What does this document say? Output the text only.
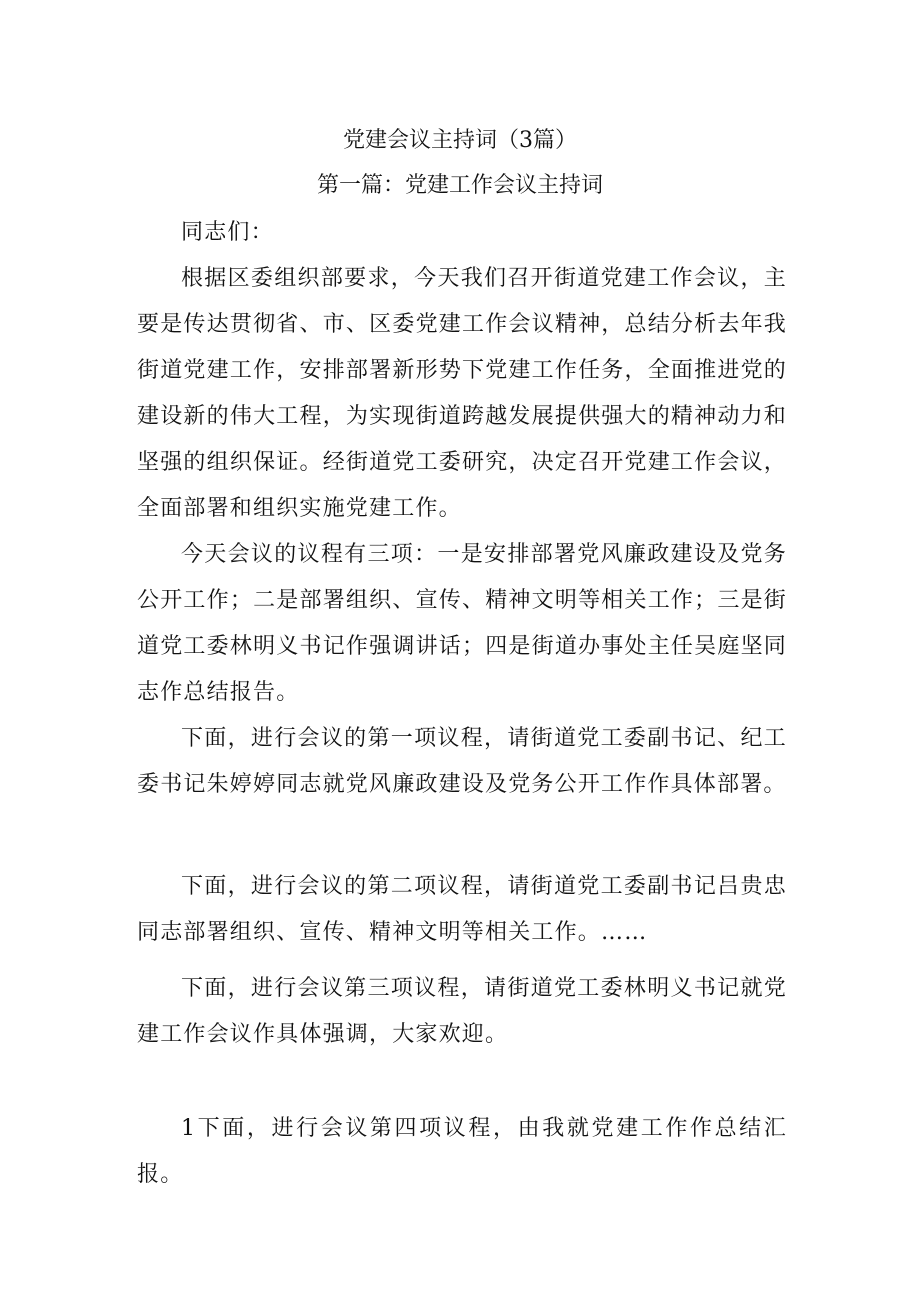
党建会议主持词（3篇）
第一篇：党建工作会议主持词

同志们：

根据区委组织部要求，今天我们召开街道党建工作会议，主要是传达贯彻省、市、区委党建工作会议精神，总结分析去年我街道党建工作，安排部署新形势下党建工作任务，全面推进党的建设新的伟大工程，为实现街道跨越发展提供强大的精神动力和坚强的组织保证。经街道党工委研究，决定召开党建工作会议，全面部署和组织实施党建工作。

今天会议的议程有三项：一是安排部署党风廉政建设及党务公开工作；二是部署组织、宣传、精神文明等相关工作；三是街道党工委林明义书记作强调讲话；四是街道办事处主任吴庭坚同志作总结报告。

下面，进行会议的第一项议程，请街道党工委副书记、纪工委书记朱婷婷同志就党风廉政建设及党务公开工作作具体部署。

下面，进行会议的第二项议程，请街道党工委副书记吕贵忠同志部署组织、宣传、精神文明等相关工作。……

下面，进行会议第三项议程，请街道党工委林明义书记就党建工作会议作具体强调，大家欢迎。

1下面，进行会议第四项议程，由我就党建工作作总结汇报。
